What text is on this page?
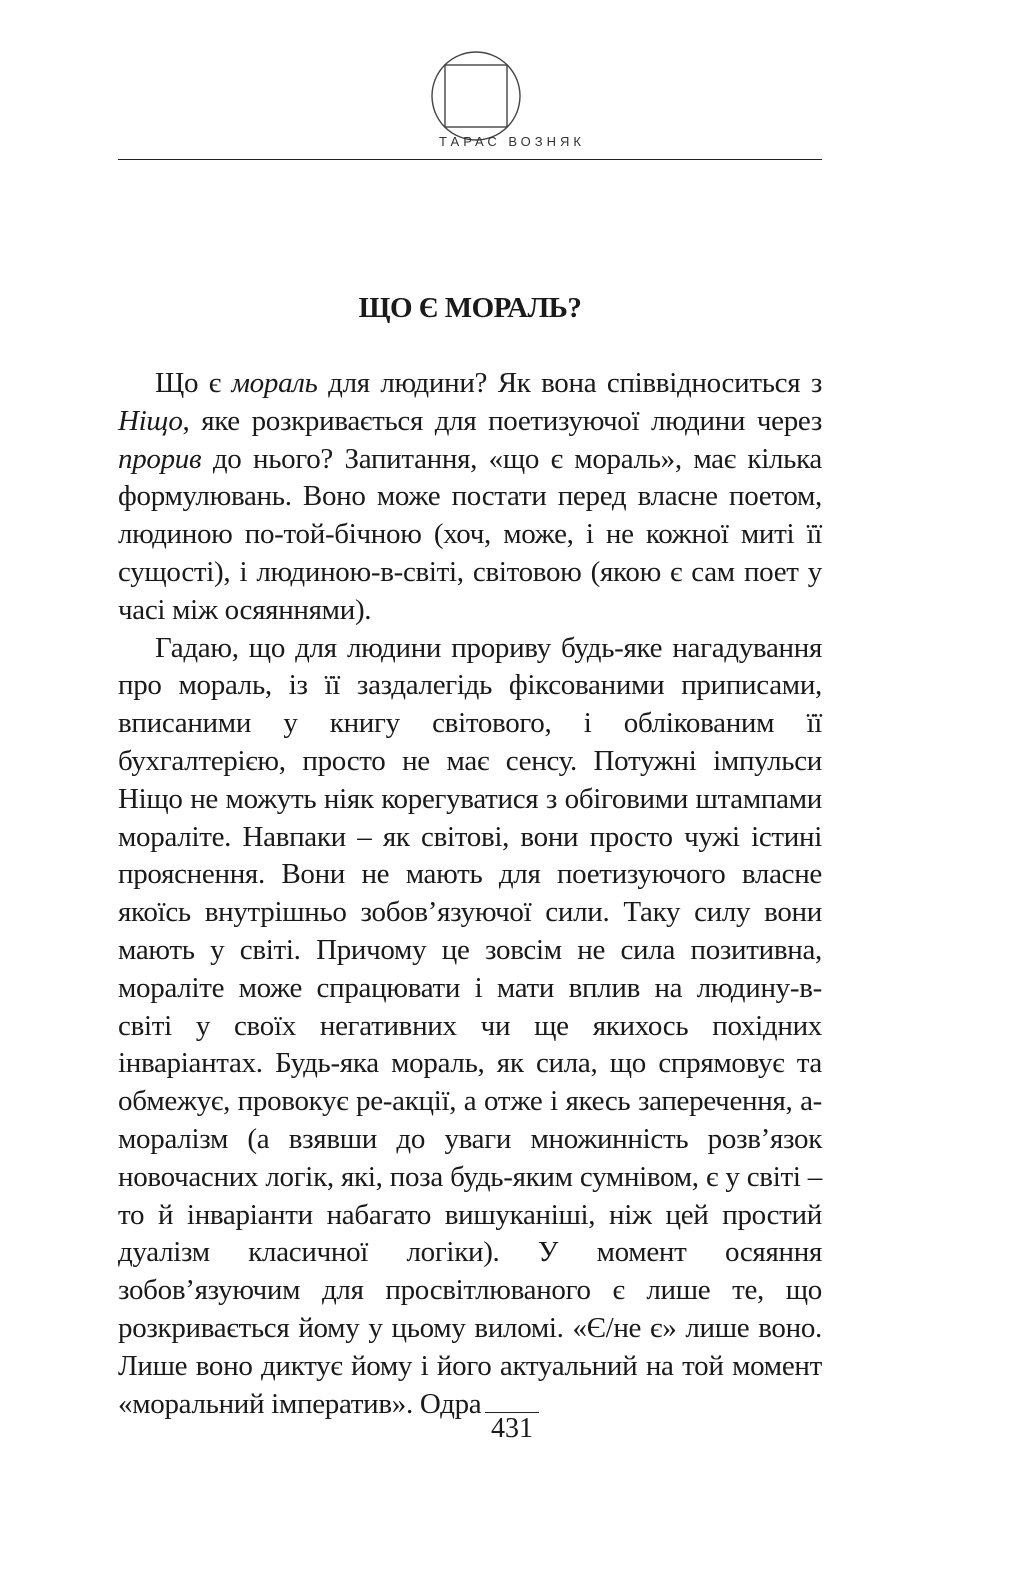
ТАРАС ВОЗНЯК
ЩО Є МОРАЛЬ?

Що є мораль для людини? Як вона співвідноситься з Ніщо, яке розкривається для поетизуючої людини через прорив до нього? Запитання, «що є мораль», має кілька формулювань. Воно може постати перед власне поетом, людиною по-той-бічною (хоч, може, і не кожної миті її сущості), і людиною-в-світі, світовою (якою є сам поет у часі між осяяннями).

Гадаю, що для людини прориву будь-яке нагадування про мораль, із її заздалегідь фіксованими приписами, вписаними у книгу світового, і облікованим її бухгалтерією, просто не має сенсу. Потужні імпульси Ніщо не можуть ніяк корегуватися з обіговими штампами моралітe. Навпаки – як світові, вони просто чужі істині прояснення. Вони не мають для поетизуючого власне якоїсь внутрішньо зобов’язуючої сили. Таку силу вони мають у світі. Причому це зовсім не сила позитивна, моралітe може спрацювати і мати вплив на людину-в-світі у своїх негативних чи ще якихось похідних інваріантах. Будь-яка мораль, як сила, що спрямовує та обмежує, провокує ре-акції, а отже і якесь заперечення, а-моралізм (а взявши до уваги множинність розв’язок новочасних логік, які, поза будь-яким сумнівом, є у світі – то й інваріанти набагато вишуканіші, ніж цей простий дуалізм класичної логіки). У момент осяяння зобов’язуючим для просвітлюваного є лише те, що розкривається йому у цьому виломі. «Є/не є» лише воно. Лише воно диктує йому і його актуальний на той момент «моральний імператив». Одра

431
